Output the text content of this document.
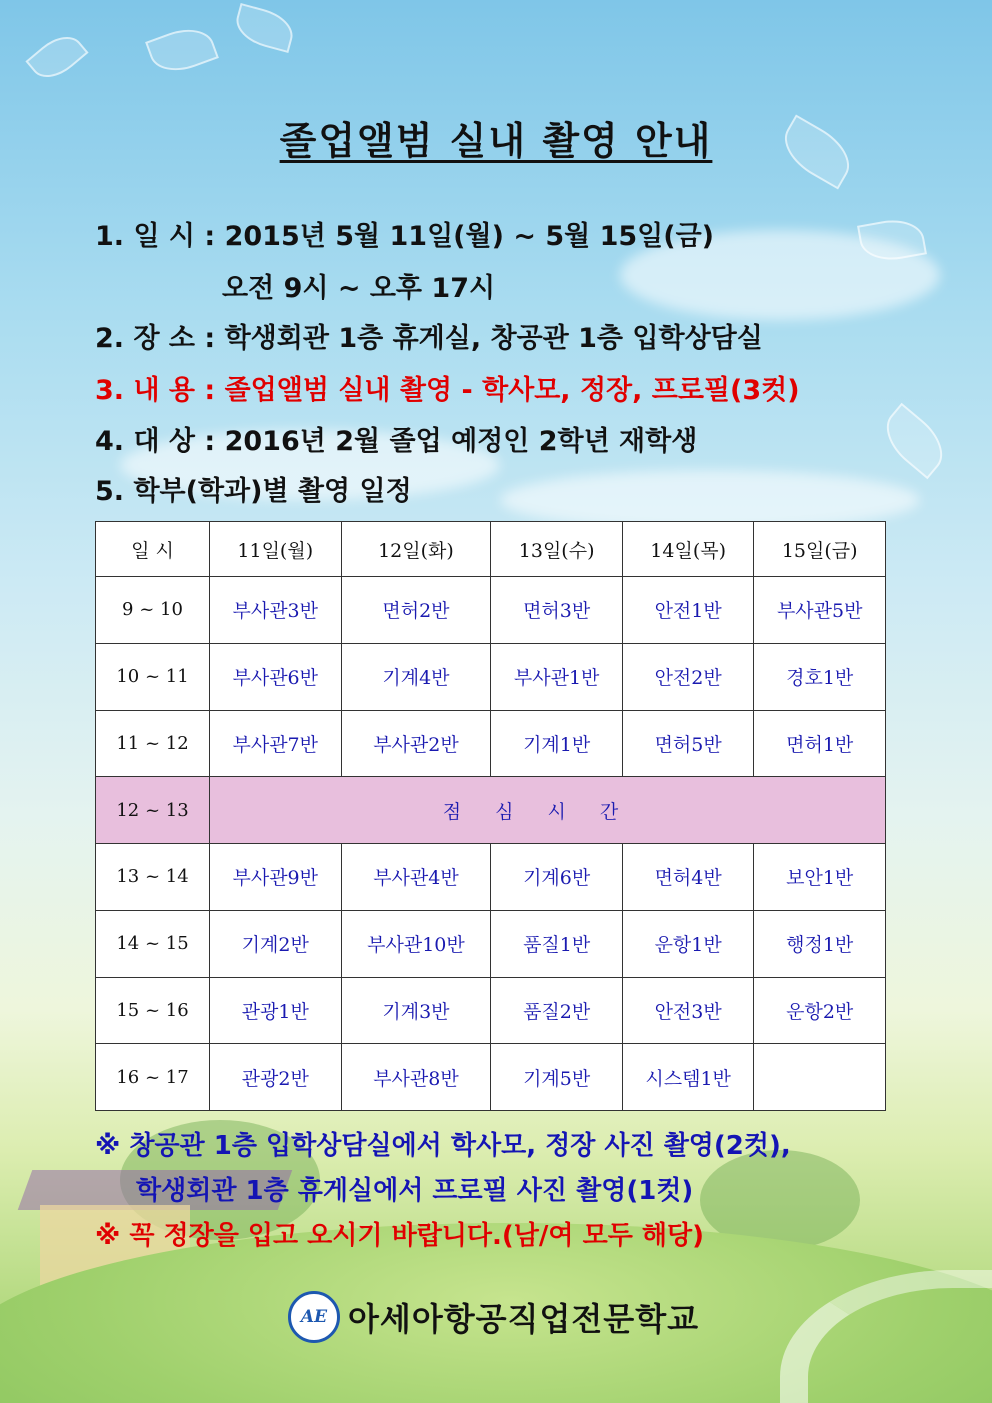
졸업앨범 실내 촬영 안내
1. 일 시 : 2015년 5월 11일(월) ~ 5월 15일(금)
오전 9시 ~ 오후 17시
2. 장 소 : 학생회관 1층 휴게실, 창공관 1층 입학상담실
3. 내 용 : 졸업앨범 실내 촬영 - 학사모, 정장, 프로필(3컷)
4. 대 상 : 2016년 2월 졸업 예정인 2학년 재학생
5. 학부(학과)별 촬영 일정
일 시	11일(월)	12일(화)	13일(수)	14일(목)	15일(금)
9 ~ 10	부사관3반	면허2반	면허3반	안전1반	부사관5반
10 ~ 11	부사관6반	기계4반	부사관1반	안전2반	경호1반
11 ~ 12	부사관7반	부사관2반	기계1반	면허5반	면허1반
12 ~ 13	점심시간				
13 ~ 14	부사관9반	부사관4반	기계6반	면허4반	보안1반
14 ~ 15	기계2반	부사관10반	품질1반	운항1반	행정1반
15 ~ 16	관광1반	기계3반	품질2반	안전3반	운항2반
16 ~ 17	관광2반	부사관8반	기계5반	시스템1반	
※ 창공관 1층 입학상담실에서 학사모, 정장 사진 촬영(2컷),
학생회관 1층 휴게실에서 프로필 사진 촬영(1컷)
※ 꼭 정장을 입고 오시기 바랍니다.(남/여 모두 해당)
AE 아세아항공직업전문학교
